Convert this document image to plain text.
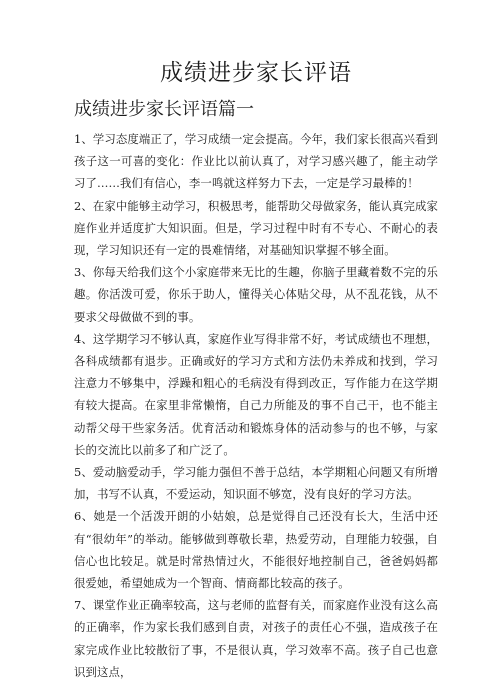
成绩进步家长评语
成绩进步家长评语篇一

1、学习态度端正了，学习成绩一定会提高。今年，我们家长很高兴看到孩子这一可喜的变化：作业比以前认真了，对学习感兴趣了，能主动学习了……我们有信心，李一鸣就这样努力下去，一定是学习最棒的！

2、在家中能够主动学习，积极思考，能帮助父母做家务，能认真完成家庭作业并适度扩大知识面。但是，学习过程中时有不专心、不耐心的表现，学习知识还有一定的畏难情绪，对基础知识掌握不够全面。

3、你每天给我们这个小家庭带来无比的生趣，你脑子里藏着数不完的乐趣。你活泼可爱，你乐于助人，懂得关心体贴父母，从不乱花钱，从不要求父母做做不到的事。

4、这学期学习不够认真，家庭作业写得非常不好，考试成绩也不理想，各科成绩都有退步。正确或好的学习方式和方法仍未养成和找到，学习注意力不够集中，浮躁和粗心的毛病没有得到改正，写作能力在这学期有较大提高。在家里非常懒惰，自己力所能及的事不自己干，也不能主动帮父母干些家务活。优育活动和锻炼身体的活动参与的也不够，与家长的交流比以前多了和广泛了。

5、爱动脑爱动手，学习能力强但不善于总结，本学期粗心问题又有所增加，书写不认真，不爱运动，知识面不够宽，没有良好的学习方法。

6、她是一个活泼开朗的小姑娘，总是觉得自己还没有长大，生活中还有“很幼年”的举动。能够做到尊敬长辈，热爱劳动，自理能力较强，自信心也比较足。就是时常热情过火，不能很好地控制自己，爸爸妈妈都很爱她，希望她成为一个智商、情商都比较高的孩子。

7、课堂作业正确率较高，这与老师的监督有关，而家庭作业没有这么高的正确率，作为家长我们感到自责，对孩子的责任心不强，造成孩子在家完成作业比较散衍了事，不是很认真，学习效率不高。孩子自己也意识到这点，
